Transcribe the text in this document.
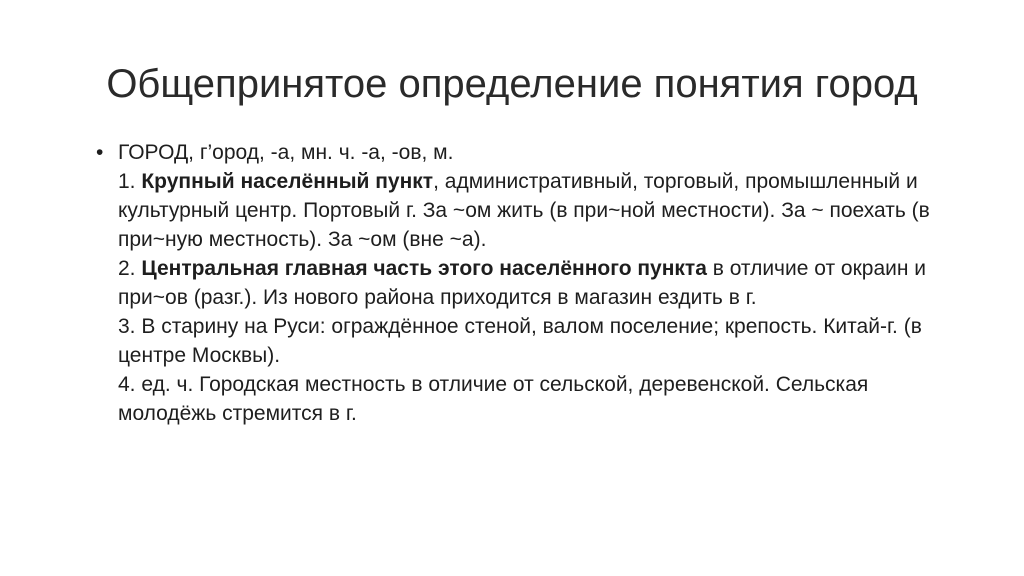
Общепринятое определение понятия город
• ГОРОД, г’ород, -а, мн. ч. -а, -ов, м.
1. Крупный населённый пункт, административный, торговый, промышленный и культурный центр. Портовый г. За ~ом жить (в при~ной местности). За ~ поехать (в при~ную местность). За ~ом (вне ~а).
2. Центральная главная часть этого населённого пункта в отличие от окраин и при~ов (разг.). Из нового района приходится в магазин ездить в г.
3. В старину на Руси: ограждённое стеной, валом поселение; крепость. Китай-г. (в центре Москвы).
4. ед. ч. Городская местность в отличие от сельской, деревенской. Сельская молодёжь стремится в г.
